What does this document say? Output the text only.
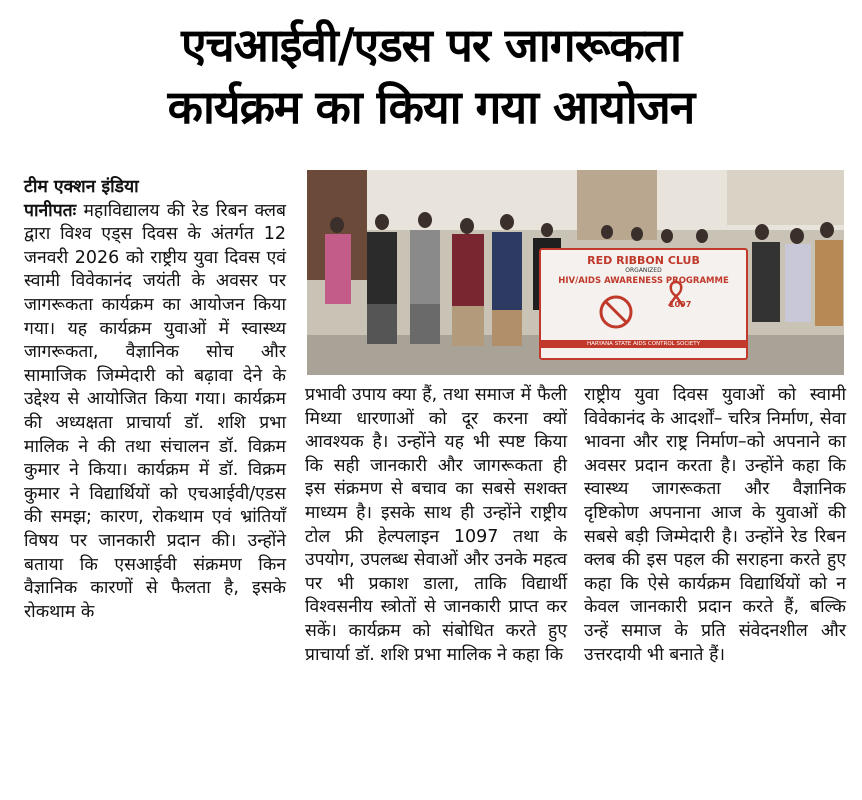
एचआईवी/एडस पर जागरूकता
कार्यक्रम का किया गया आयोजन
टीम एक्शन इंडिया
पानीपतः महाविद्यालय की रेड रिबन क्लब द्वारा विश्व एड्स दिवस के अंतर्गत 12 जनवरी 2026 को राष्ट्रीय युवा दिवस एवं स्वामी विवेकानंद जयंती के अवसर पर जागरूकता कार्यक्रम का आयोजन किया गया। यह कार्यक्रम युवाओं में स्वास्थ्य जागरूकता, वैज्ञानिक सोच और सामाजिक जिम्मेदारी को बढ़ावा देने के उद्देश्य से आयोजित किया गया। कार्यक्रम की अध्यक्षता प्राचार्या डॉ. शशि प्रभा मालिक ने की तथा संचालन डॉ. विक्रम कुमार ने किया। कार्यक्रम में डॉ. विक्रम कुमार ने विद्यार्थियों को एचआईवी/एडस की समझ; कारण, रोकथाम एवं भ्रांतियाँ विषय पर जानकारी प्रदान की। उन्होंने बताया कि एसआईवी संक्रमण किन वैज्ञानिक कारणों से फैलता है, इसके रोकथाम के
RED RIBBON CLUB
ORGANIZED
HIV/AIDS AWARENESS PROGRAMME
1097
HARYANA STATE AIDS CONTROL SOCIETY
प्रभावी उपाय क्या हैं, तथा समाज में फैली मिथ्या धारणाओं को दूर करना क्यों आवश्यक है। उन्होंने यह भी स्पष्ट किया कि सही जानकारी और जागरूकता ही इस संक्रमण से बचाव का सबसे सशक्त माध्यम है। इसके साथ ही उन्होंने राष्ट्रीय टोल फ्री हेल्पलाइन 1097 तथा के उपयोग, उपलब्ध सेवाओं और उनके महत्व पर भी प्रकाश डाला, ताकि विद्यार्थी विश्वसनीय स्त्रोतों से जानकारी प्राप्त कर सकें। कार्यक्रम को संबोधित करते हुए प्राचार्या डॉ. शशि प्रभा मालिक ने कहा कि
राष्ट्रीय युवा दिवस युवाओं को स्वामी विवेकानंद के आदर्शों– चरित्र निर्माण, सेवा भावना और राष्ट्र निर्माण–को अपनाने का अवसर प्रदान करता है। उन्होंने कहा कि स्वास्थ्य जागरूकता और वैज्ञानिक दृष्टिकोण अपनाना आज के युवाओं की सबसे बड़ी जिम्मेदारी है। उन्होंने रेड रिबन क्लब की इस पहल की सराहना करते हुए कहा कि ऐसे कार्यक्रम विद्यार्थियों को न केवल जानकारी प्रदान करते हैं, बल्कि उन्हें समाज के प्रति संवेदनशील और उत्तरदायी भी बनाते हैं।
